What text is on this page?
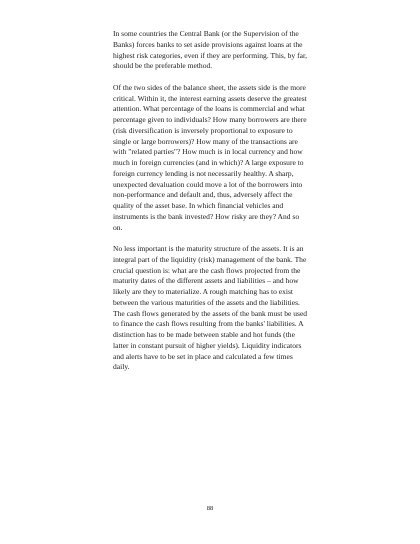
In some countries the Central Bank (or the Supervision of the Banks) forces banks to set aside provisions against loans at the highest risk categories, even if they are performing. This, by far, should be the preferable method.

Of the two sides of the balance sheet, the assets side is the more critical. Within it, the interest earning assets deserve the greatest attention. What percentage of the loans is commercial and what percentage given to individuals? How many borrowers are there (risk diversification is inversely proportional to exposure to single or large borrowers)? How many of the transactions are with "related parties"? How much is in local currency and how much in foreign currencies (and in which)? A large exposure to foreign currency lending is not necessarily healthy. A sharp, unexpected devaluation could move a lot of the borrowers into non-performance and default and, thus, adversely affect the quality of the asset base. In which financial vehicles and instruments is the bank invested? How risky are they? And so on.

No less important is the maturity structure of the assets. It is an integral part of the liquidity (risk) management of the bank. The crucial question is: what are the cash flows projected from the maturity dates of the different assets and liabilities – and how likely are they to materialize. A rough matching has to exist between the various maturities of the assets and the liabilities. The cash flows generated by the assets of the bank must be used to finance the cash flows resulting from the banks' liabilities. A distinction has to be made between stable and hot funds (the latter in constant pursuit of higher yields). Liquidity indicators and alerts have to be set in place and calculated a few times daily.

88
